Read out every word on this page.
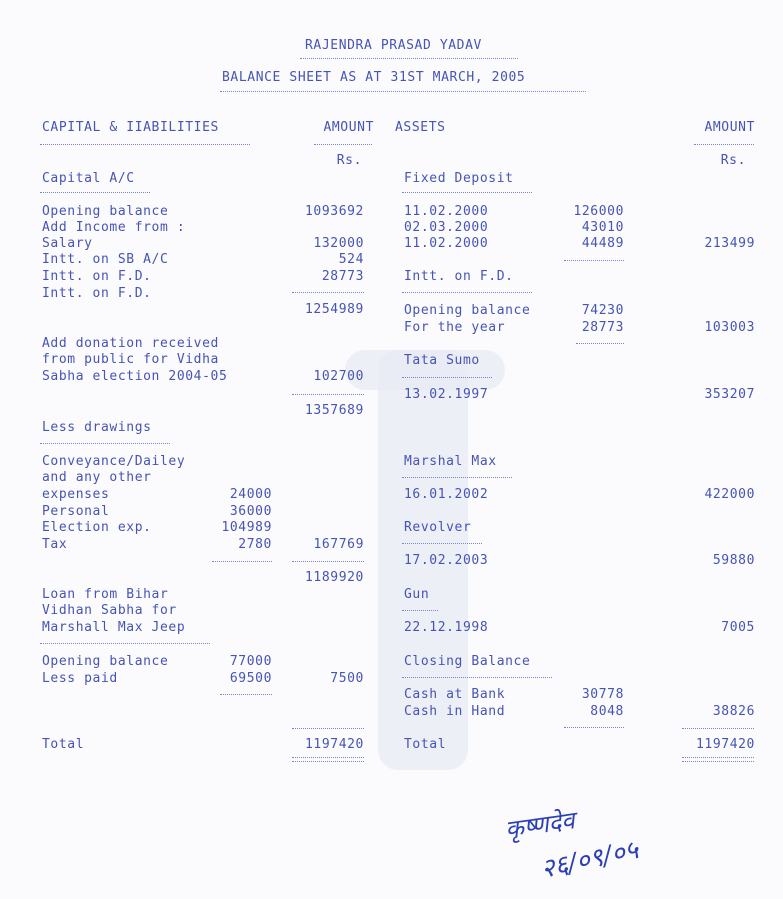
RAJENDRA PRASAD YADAV
BALANCE SHEET AS AT 31ST MARCH, 2005
CAPITAL & IIABILITIES	AMOUNT ASSETS	AMOUNT
Rs.	Rs.
Capital A/C
Opening balance	1093692
Add Income from :
Salary	132000
Intt. on SB A/C	524
Intt. on F.D.	28773
Intt. on F.D.
1254989
Add donation received
from public for Vidha
Sabha election 2004-05	102700
1357689
Less drawings
Conveyance/Dailey
and any other
expenses	24000
Personal	36000
Election exp.	104989
Tax	2780	167769
1189920
Loan from Bihar
Vidhan Sabha for
Marshall Max Jeep
Opening balance	77000
Less paid	69500	7500
Total	1197420
Fixed Deposit
11.02.2000	126000
02.03.2000	43010
11.02.2000	44489	213499
Intt. on F.D.
Opening balance	74230
For the year	28773	103003
Tata Sumo
13.02.1997	353207
Marshal Max
16.01.2002	422000
Revolver
17.02.2003	59880
Gun
22.12.1998	7005
Closing Balance
Cash at Bank	30778
Cash in Hand	8048	38826
Total	1197420
कृष्णदेव
२६/०९/०५
